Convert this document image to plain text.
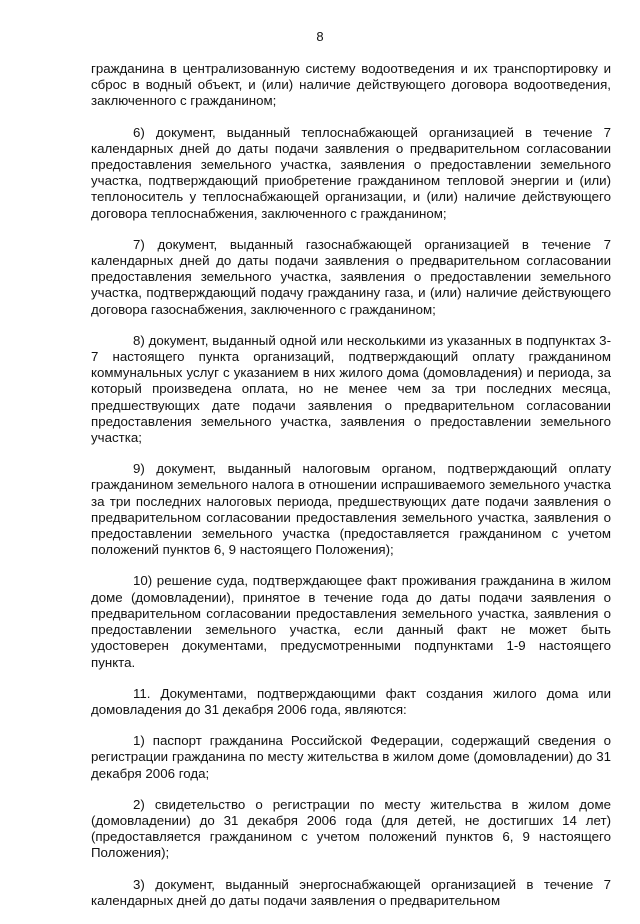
8

гражданина в централизованную систему водоотведения и их транспортировку и сброс в водный объект, и (или) наличие действующего договора водоотведения, заключенного с гражданином;

6) документ, выданный теплоснабжающей организацией в течение 7 календарных дней до даты подачи заявления о предварительном согласовании предоставления земельного участка, заявления о предоставлении земельного участка, подтверждающий приобретение гражданином тепловой энергии и (или) теплоноситель у теплоснабжающей организации, и (или) наличие действующего договора теплоснабжения, заключенного с гражданином;

7) документ, выданный газоснабжающей организацией в течение 7 календарных дней до даты подачи заявления о предварительном согласовании предоставления земельного участка, заявления о предоставлении земельного участка, подтверждающий подачу гражданину газа, и (или) наличие действующего договора газоснабжения, заключенного с гражданином;

8) документ, выданный одной или несколькими из указанных в подпунктах 3-7 настоящего пункта организаций, подтверждающий оплату гражданином коммунальных услуг с указанием в них жилого дома (домовладения) и периода, за который произведена оплата, но не менее чем за три последних месяца, предшествующих дате подачи заявления о предварительном согласовании предоставления земельного участка, заявления о предоставлении земельного участка;

9) документ, выданный налоговым органом, подтверждающий оплату гражданином земельного налога в отношении испрашиваемого земельного участка за три последних налоговых периода, предшествующих дате подачи заявления о предварительном согласовании предоставления земельного участка, заявления о предоставлении земельного участка (предоставляется гражданином с учетом положений пунктов 6, 9 настоящего Положения);

10) решение суда, подтверждающее факт проживания гражданина в жилом доме (домовладении), принятое в течение года до даты подачи заявления о предварительном согласовании предоставления земельного участка, заявления о предоставлении земельного участка, если данный факт не может быть удостоверен документами, предусмотренными подпунктами 1-9 настоящего пункта.

11. Документами, подтверждающими факт создания жилого дома или домовладения до 31 декабря 2006 года, являются:

1) паспорт гражданина Российской Федерации, содержащий сведения о регистрации гражданина по месту жительства в жилом доме (домовладении) до 31 декабря 2006 года;

2) свидетельство о регистрации по месту жительства в жилом доме (домовладении) до 31 декабря 2006 года (для детей, не достигших 14 лет) (предоставляется гражданином с учетом положений пунктов 6, 9 настоящего Положения);

3) документ, выданный энергоснабжающей организацией в течение 7 календарных дней до даты подачи заявления о предварительном
